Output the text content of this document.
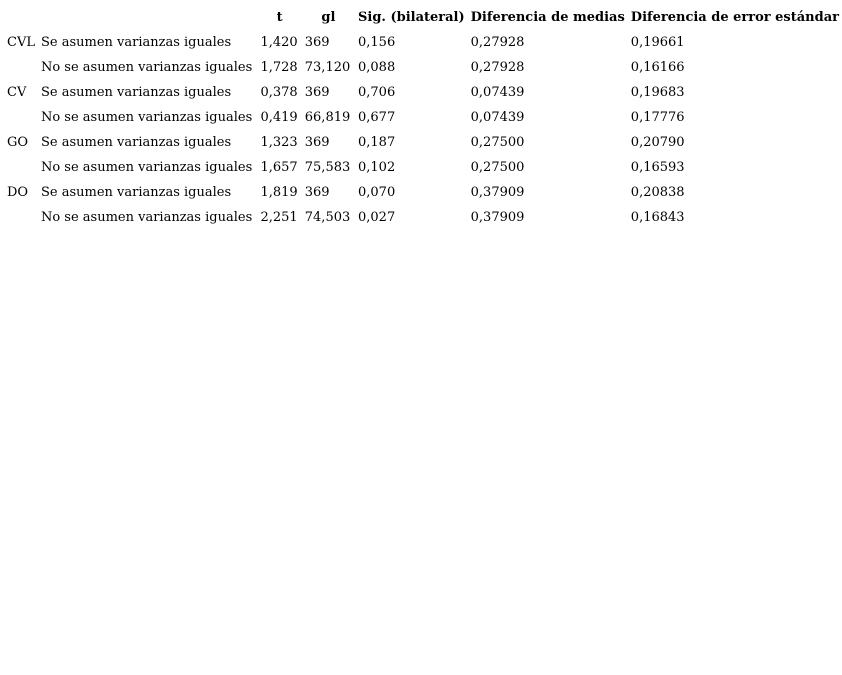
		t	gl	Sig. (bilateral)	Diferencia de medias	Diferencia de error estándar
CVL	Se asumen varianzas iguales	1,420	369	0,156	0,27928	0,19661
	No se asumen varianzas iguales	1,728	73,120	0,088	0,27928	0,16166
CV	Se asumen varianzas iguales	0,378	369	0,706	0,07439	0,19683
	No se asumen varianzas iguales	0,419	66,819	0,677	0,07439	0,17776
GO	Se asumen varianzas iguales	1,323	369	0,187	0,27500	0,20790
	No se asumen varianzas iguales	1,657	75,583	0,102	0,27500	0,16593
DO	Se asumen varianzas iguales	1,819	369	0,070	0,37909	0,20838
	No se asumen varianzas iguales	2,251	74,503	0,027	0,37909	0,16843
